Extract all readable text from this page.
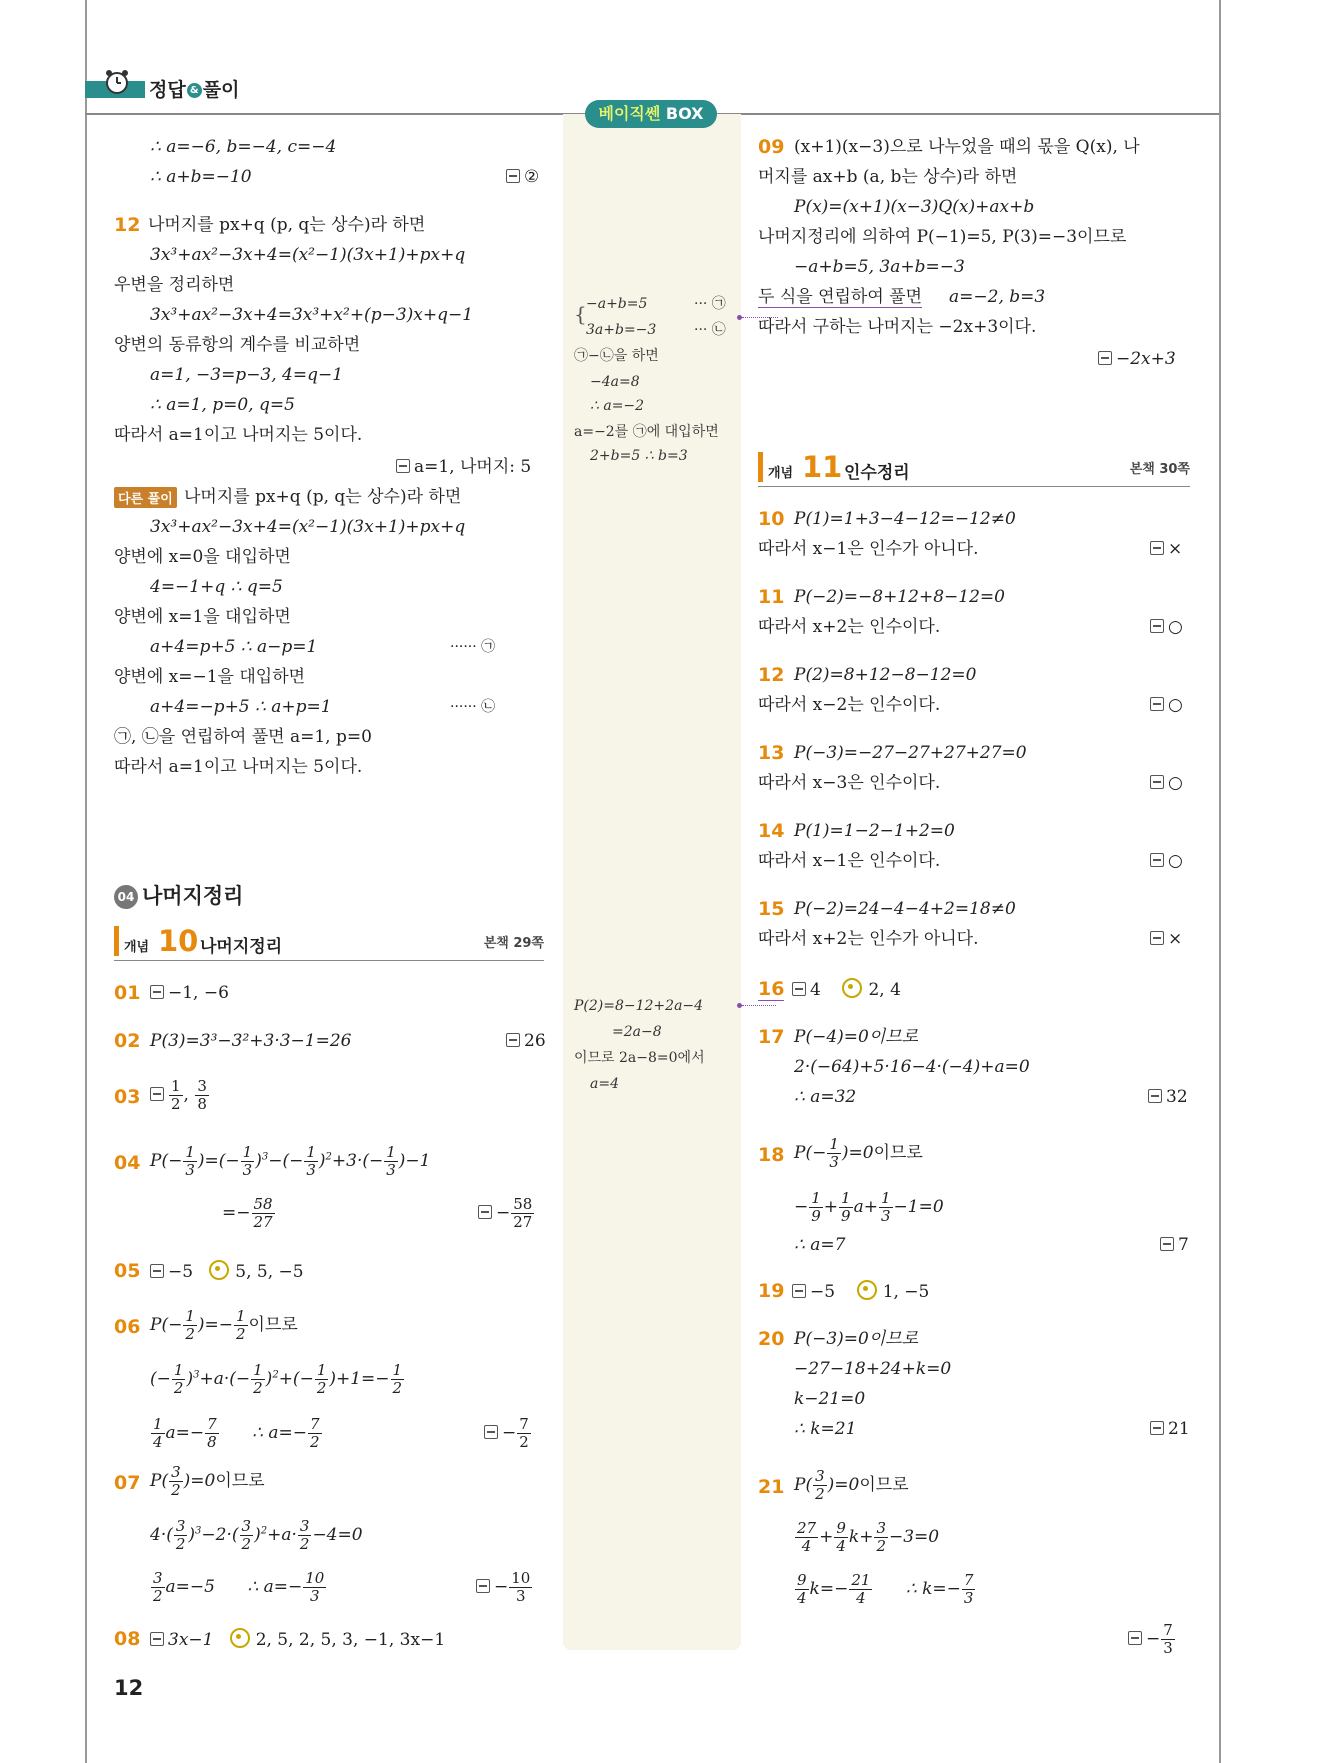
정답 & 풀이
베이직쎈 BOX
∴ a=−6, b=−4, c=−4
∴ a+b=−10	②
12 나머지를 px+q (p, q는 상수)라 하면
3x³+ax²−3x+4=(x²−1)(3x+1)+px+q
우변을 정리하면
3x³+ax²−3x+4=3x³+x²+(p−3)x+q−1
양변의 동류항의 계수를 비교하면
a=1, −3=p−3, 4=q−1
∴ a=1, p=0, q=5
따라서 a=1이고 나머지는 5이다.
a=1, 나머지: 5
다른 풀이 나머지를 px+q (p, q는 상수)라 하면
3x³+ax²−3x+4=(x²−1)(3x+1)+px+q
양변에 x=0을 대입하면
4=−1+q ∴ q=5
양변에 x=1을 대입하면
a+4=p+5 ∴ a−p=1	······ ㉠
양변에 x=−1을 대입하면
a+4=−p+5 ∴ a+p=1	······ ㉡
㉠, ㉡을 연립하여 풀면 a=1, p=0
따라서 a=1이고 나머지는 5이다.
04 나머지정리
개념 10 나머지정리	본책 29쪽
01	−1, −6
02 P(3)=3³−3²+3·3−1=26	26
$03 \frac{1}{2}$ , $\frac{3}{8}$
04 $P(- \frac{1}{3}$ )=(− $\frac{1}{3} )^3-(- \frac{1}{3} )^2+3\cdot(- \frac{1}{3} )-1$
=− $\frac{58}{27}$	− $\frac{58}{27}$
05	−5 5, 5, −5
06 $P(- \frac{1}{2}$ )=− $\frac{1}{2}$ 이므로
(− $\frac{1}{2} )^3+a\cdot(- \frac{1}{2} )^2+(- \frac{1}{2} )+1=- \frac{1}{2}$
$\frac{1}{4} a=- \frac{7}{8}$ ∴ $a=- \frac{7}{2}$	− $\frac{7}{2}$
07 $P( \frac{3}{2} )=0$이므로
$4\cdot( \frac{3}{2} )^3-2\cdot( \frac{3}{2} )^2+a\cdot \frac{3}{2} -4=0$
$\frac{3}{2} a=-5$      ∴ $a=- \frac{10}{3}$	− $\frac{10}{3}$
08	3x−1 2, 5, 2, 5, 3, −1, 3x−1
12
{ −a+b=5	··· ㉠
3a+b=−3	··· ㉡
㉠−㉡을 하면
−4a=8
∴ a=−2
a=−2를 ㉠에 대입하면
2+b=5 ∴ b=3
P(2)=8−12+2a−4
=2a−8
이므로 2a−8=0에서
a=4
09 (x+1)(x−3)으로 나누었을 때의 몫을 Q(x), 나
머지를 ax+b (a, b는 상수)라 하면
P(x)=(x+1)(x−3)Q(x)+ax+b
나머지정리에 의하여 P(−1)=5, P(3)=−3이므로
−a+b=5, 3a+b=−3
두 식을 연립하여 풀면 a=−2, b=3
따라서 구하는 나머지는 −2x+3이다.
−2x+3
개념 11 인수정리	본책 30쪽
10 P(1)=1+3−4−12=−12≠0
따라서 x−1은 인수가 아니다.	×
11 P(−2)=−8+12+8−12=0
따라서 x+2는 인수이다.	○
12 P(2)=8+12−8−12=0
따라서 x−2는 인수이다.	○
13 P(−3)=−27−27+27+27=0
따라서 x−3은 인수이다.	○
14 P(1)=1−2−1+2=0
따라서 x−1은 인수이다.	○
15 P(−2)=24−4−4+2=18≠0
따라서 x+2는 인수가 아니다.	×
16	4	2, 4
17 P(−4)=0이므로
2·(−64)+5·16−4·(−4)+a=0
∴ a=32	32
18 $P(- \frac{1}{3} )=0$이므로
− $\frac{1}{9} + \frac{1}{9} a+ \frac{1}{3} -1=0$
∴ a=7	7
19	−5	1, −5
20 P(−3)=0이므로
−27−18+24+k=0
k−21=0
∴ k=21	21
21 $P( \frac{3}{2} )=0$이므로
$\frac{27}{4} + \frac{9}{4} k+ \frac{3}{2} -3=0$
$\frac{9}{4} k=- \frac{21}{4}$ ∴ $k=- \frac{7}{3}$
− $\frac{7}{3}$
